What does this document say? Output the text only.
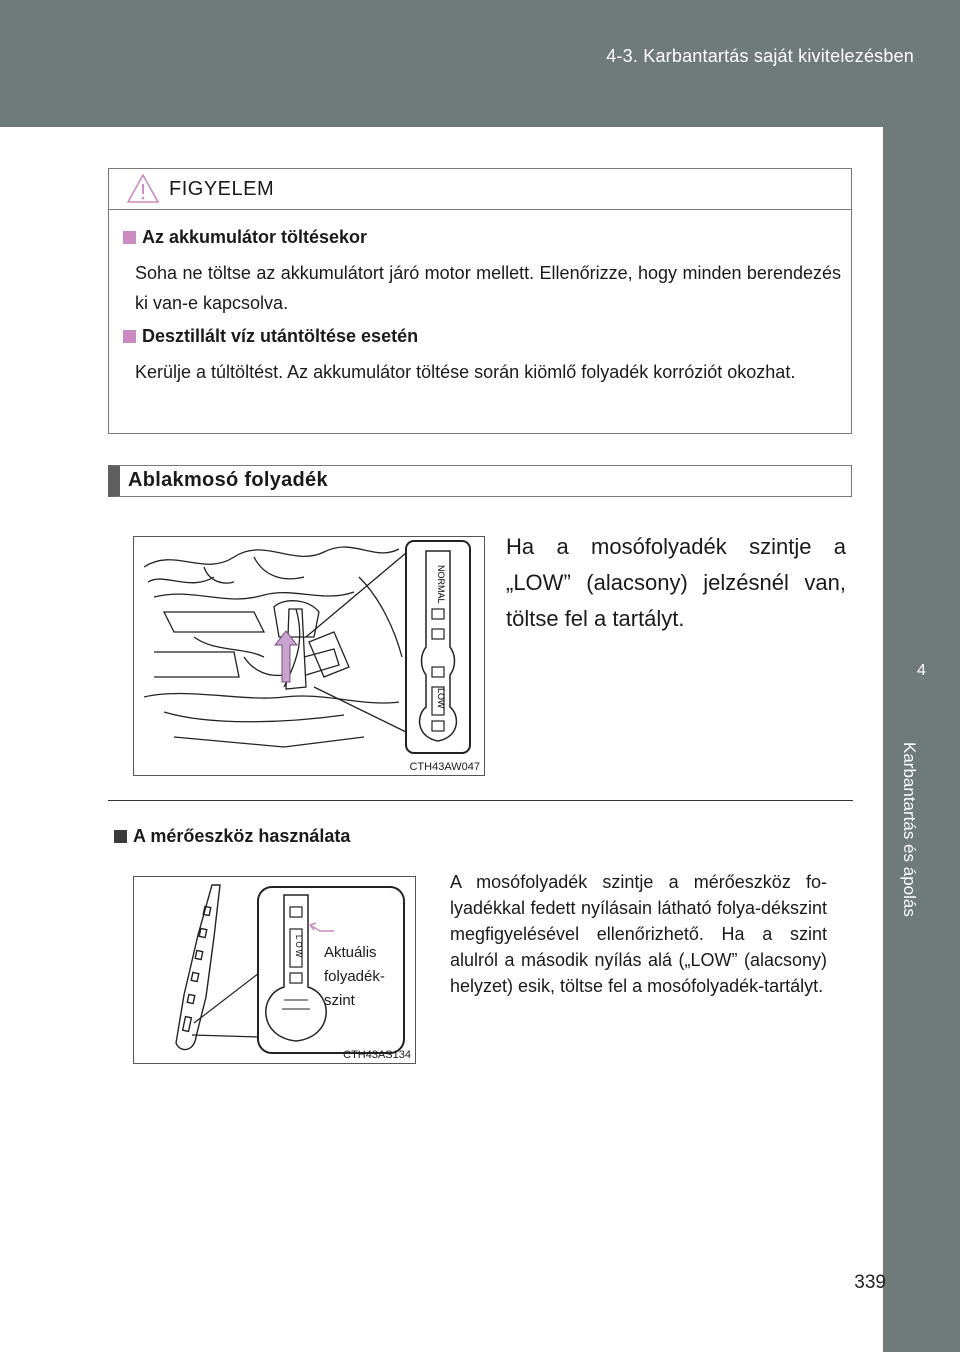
4-3. Karbantartás saját kivitelezésben
4
Karbantartás és ápolás
FIGYELEM
Az akkumulátor töltésekor
Soha ne töltse az akkumulátort járó motor mellett. Ellenőrizze, hogy minden berendezés ki van-e kapcsolva.
Desztillált víz utántöltése esetén
Kerülje a túltöltést. Az akkumulátor töltése során kiömlő folyadék korróziót okozhat.
Ablakmosó folyadék
NORMAL
LOW
CTH43AW047
Ha a mosófolyadék szintje a „LOW” (alacsony) jelzésnél van, töltse fel a tartályt.
A mérőeszköz használata
LOW Aktuális
folyadék-
szint
CTH43AS134
A mosófolyadék szintje a mérőeszköz fo-lyadékkal fedett nyílásain látható folya-dékszint megfigyelésével ellenőrizhető. Ha a szint alulról a második nyílás alá („LOW” (alacsony) helyzet) esik, töltse fel a mosófolyadék-tartályt.
339
